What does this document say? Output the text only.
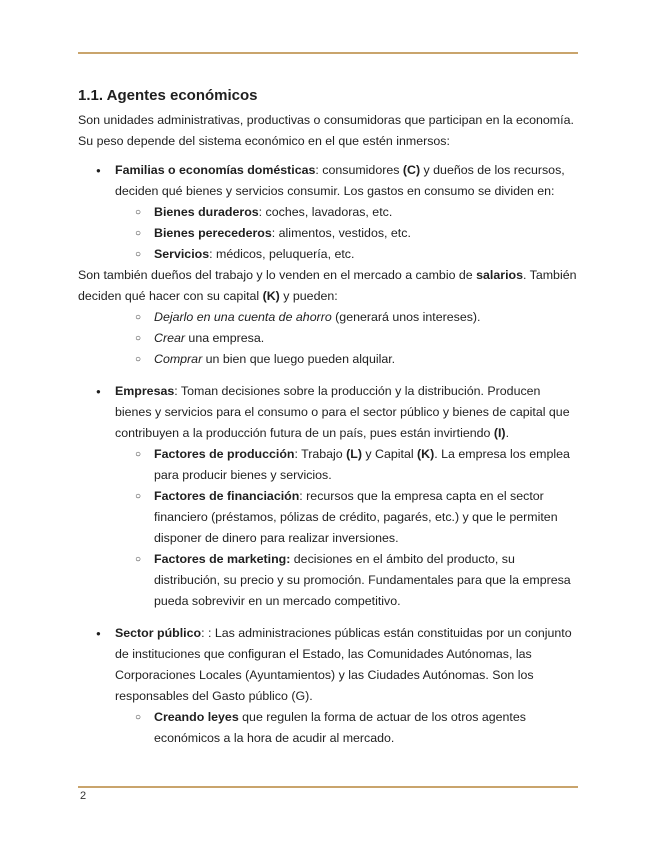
1.1. Agentes económicos

Son unidades administrativas, productivas o consumidoras que participan en la economía. Su peso depende del sistema económico en el que estén inmersos:

● Familias o economías domésticas: consumidores (C) y dueños de los recursos, deciden qué bienes y servicios consumir. Los gastos en consumo se dividen en:
○ Bienes duraderos: coches, lavadoras, etc.
○ Bienes perecederos: alimentos, vestidos, etc.
○ Servicios: médicos, peluquería, etc.

Son también dueños del trabajo y lo venden en el mercado a cambio de salarios. También deciden qué hacer con su capital (K) y pueden:

○ Dejarlo en una cuenta de ahorro (generará unos intereses).
○ Crear una empresa.
○ Comprar un bien que luego pueden alquilar.
● Empresas: Toman decisiones sobre la producción y la distribución. Producen bienes y servicios para el consumo o para el sector público y bienes de capital que contribuyen a la producción futura de un país, pues están invirtiendo (I).
○ Factores de producción: Trabajo (L) y Capital (K). La empresa los emplea para producir bienes y servicios.
○ Factores de financiación: recursos que la empresa capta en el sector financiero (préstamos, pólizas de crédito, pagarés, etc.) y que le permiten disponer de dinero para realizar inversiones.
○ Factores de marketing: decisiones en el ámbito del producto, su distribución, su precio y su promoción. Fundamentales para que la empresa pueda sobrevivir en un mercado competitivo.
● Sector público: : Las administraciones públicas están constituidas por un conjunto de instituciones que configuran el Estado, las Comunidades Autónomas, las Corporaciones Locales (Ayuntamientos) y las Ciudades Autónomas. Son los responsables del Gasto público (G).
○ Creando leyes que regulen la forma de actuar de los otros agentes económicos a la hora de acudir al mercado.
2
